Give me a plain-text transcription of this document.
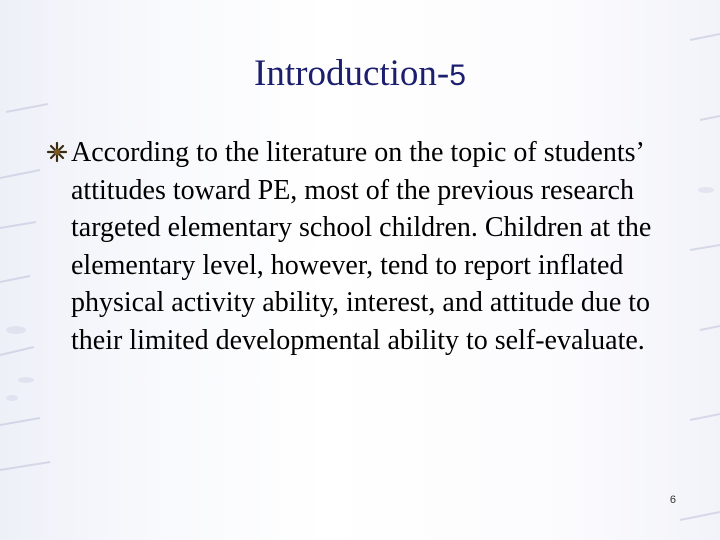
Introduction-5

According to the literature on the topic of students’ attitudes toward PE, most of the previous research targeted elementary school children. Children at the elementary level, however, tend to report inflated physical activity ability, interest, and attitude due to their limited developmental ability to self-evaluate.

6
